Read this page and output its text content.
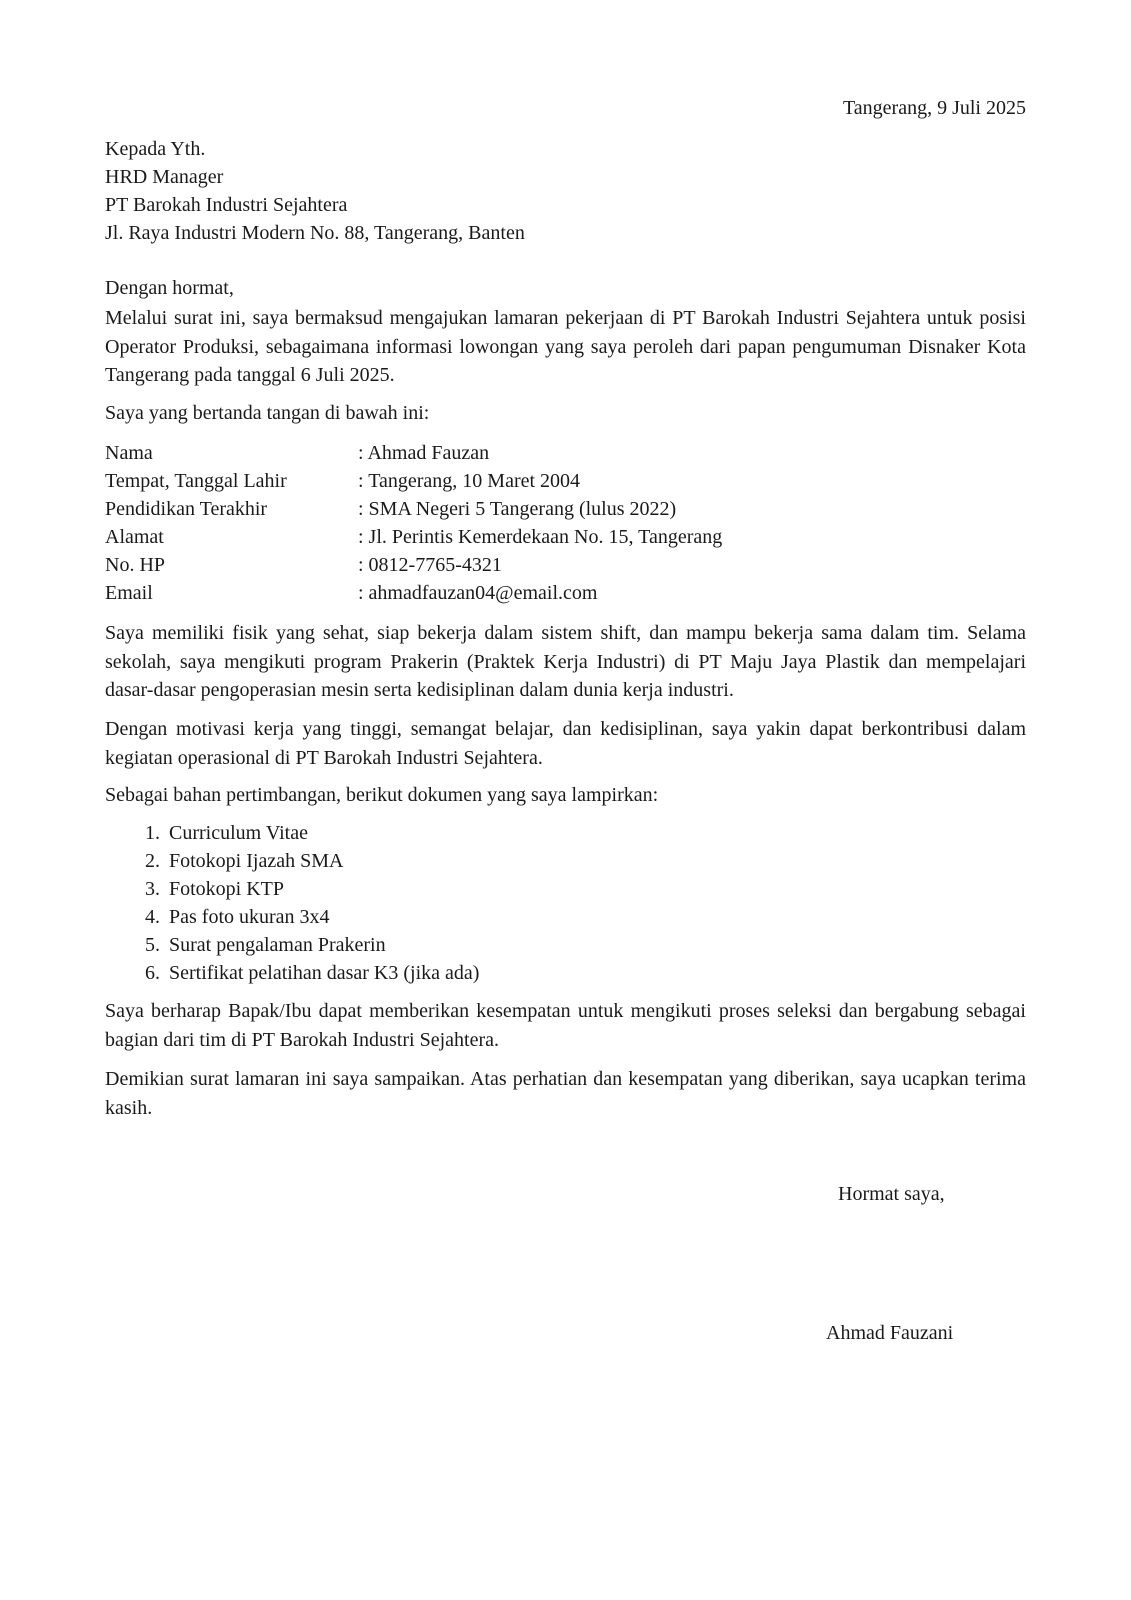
Tangerang, 9 Juli 2025
Kepada Yth.
HRD Manager
PT Barokah Industri Sejahtera
Jl. Raya Industri Modern No. 88, Tangerang, Banten
Dengan hormat,
Melalui surat ini, saya bermaksud mengajukan lamaran pekerjaan di PT Barokah Industri Sejahtera untuk posisi Operator Produksi, sebagaimana informasi lowongan yang saya peroleh dari papan pengumuman Disnaker Kota Tangerang pada tanggal 6 Juli 2025.
Saya yang bertanda tangan di bawah ini:
Nama	: Ahmad Fauzan
Tempat, Tanggal Lahir	: Tangerang, 10 Maret 2004
Pendidikan Terakhir	: SMA Negeri 5 Tangerang (lulus 2022)
Alamat	: Jl. Perintis Kemerdekaan No. 15, Tangerang
No. HP	: 0812-7765-4321
Email	: ahmadfauzan04@email.com
Saya memiliki fisik yang sehat, siap bekerja dalam sistem shift, dan mampu bekerja sama dalam tim. Selama sekolah, saya mengikuti program Prakerin (Praktek Kerja Industri) di PT Maju Jaya Plastik dan mempelajari dasar-dasar pengoperasian mesin serta kedisiplinan dalam dunia kerja industri.
Dengan motivasi kerja yang tinggi, semangat belajar, dan kedisiplinan, saya yakin dapat berkontribusi dalam kegiatan operasional di PT Barokah Industri Sejahtera.
Sebagai bahan pertimbangan, berikut dokumen yang saya lampirkan:
1. Curriculum Vitae
2. Fotokopi Ijazah SMA
3. Fotokopi KTP
4. Pas foto ukuran 3x4
5. Surat pengalaman Prakerin
6. Sertifikat pelatihan dasar K3 (jika ada)
Saya berharap Bapak/Ibu dapat memberikan kesempatan untuk mengikuti proses seleksi dan bergabung sebagai bagian dari tim di PT Barokah Industri Sejahtera.
Demikian surat lamaran ini saya sampaikan. Atas perhatian dan kesempatan yang diberikan, saya ucapkan terima kasih.
Hormat saya,
Ahmad Fauzani
